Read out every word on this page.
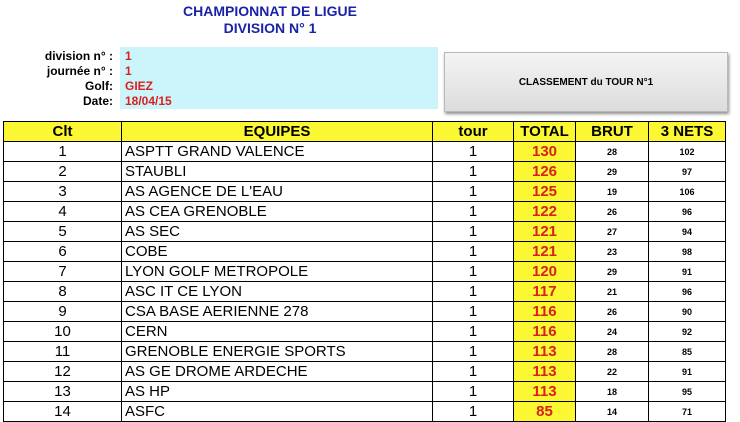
CHAMPIONNAT DE LIGUE
DIVISION N° 1
division n° : 1
journée n° : 1
Golf: GIEZ
Date: 18/04/15
CLASSEMENT du TOUR N°1
Clt	EQUIPES	tour	TOTAL	BRUT	3 NETS
1	ASPTT GRAND VALENCE	1	130	28	102
2	STAUBLI	1	126	29	97
3	AS AGENCE DE L'EAU	1	125	19	106
4	AS CEA GRENOBLE	1	122	26	96
5	AS SEC	1	121	27	94
6	COBE	1	121	23	98
7	LYON GOLF METROPOLE	1	120	29	91
8	ASC IT CE LYON	1	117	21	96
9	CSA BASE AERIENNE 278	1	116	26	90
10	CERN	1	116	24	92
11	GRENOBLE ENERGIE SPORTS	1	113	28	85
12	AS GE DROME ARDECHE	1	113	22	91
13	AS HP	1	113	18	95
14	ASFC	1	85	14	71
